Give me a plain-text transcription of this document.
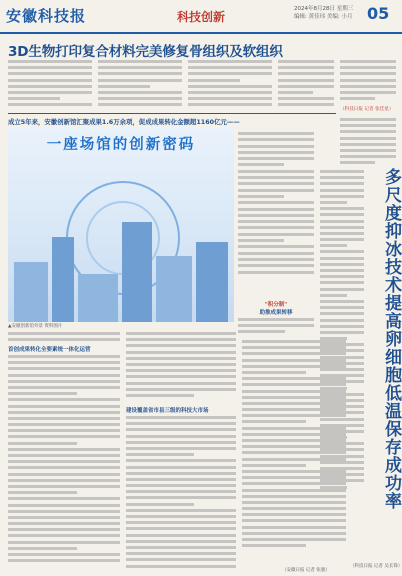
安徽科技报	科技创新
2024年8月28日 星期三
编辑: 黄佳玮 美编: 小月 05
3D生物打印复合材料完美修复骨组织及软组织
（科技日报 记者 张佳星）
成立5年来，安徽创新馆汇聚成果1.6万余项，促成成果转化金额超1160亿元——
一座场馆的创新密码
▲安徽创新馆外景 资料图片
"积分制"
助推成果转移
首创成果转化全要素统一体化运营
建设覆盖省市县三级的科技大市场
（安徽日报 记者 张骏）
多尺度抑冰技术提高卵细胞低温保存成功率
（科技日报 记者 吴长锋）
